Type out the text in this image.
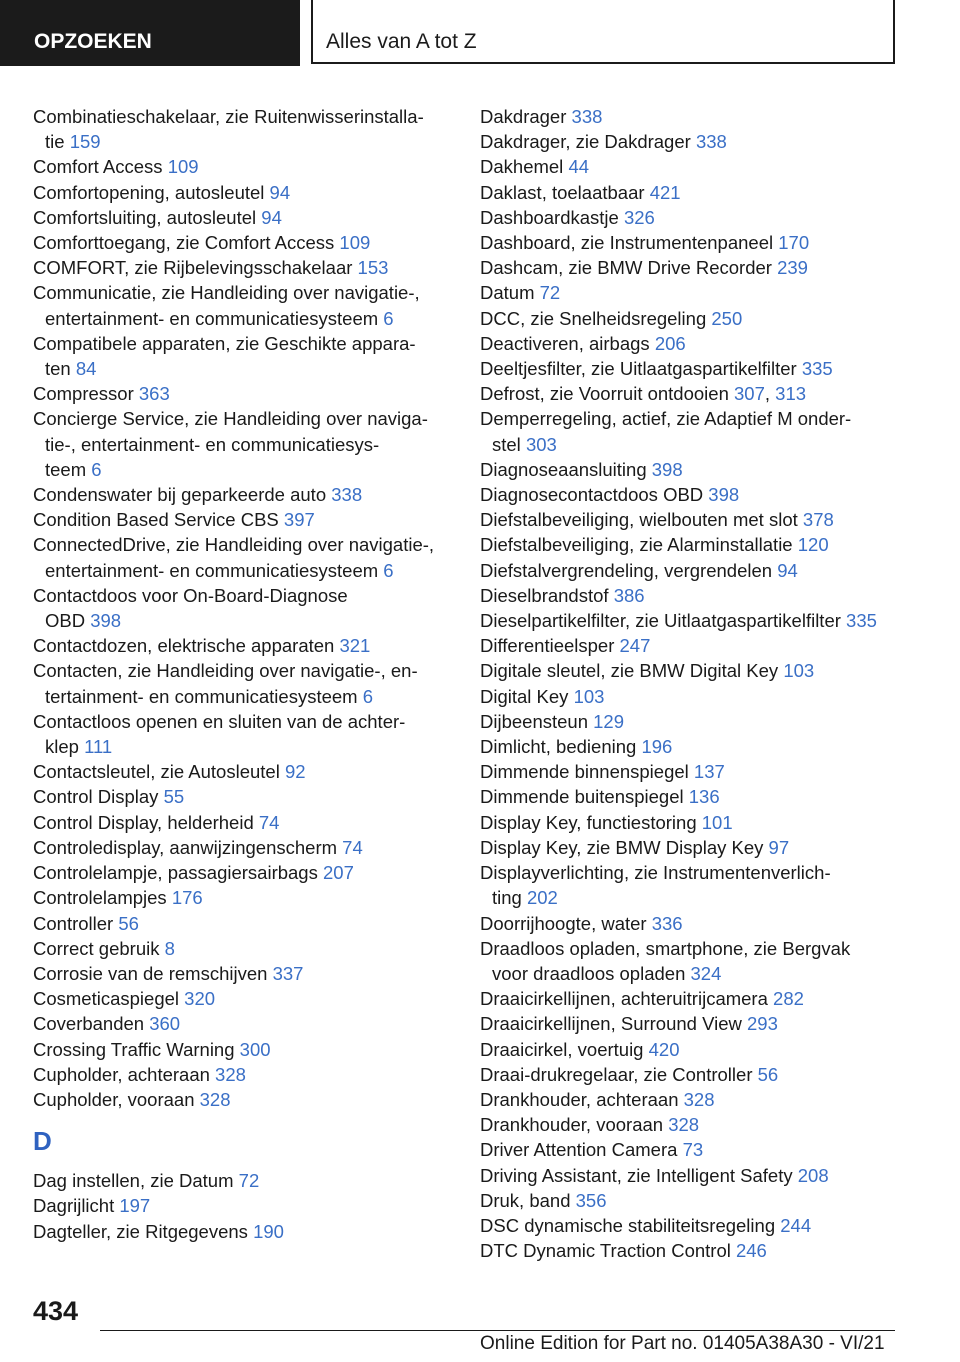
OPZOEKEN	Alles van A tot Z
Combinatieschakelaar, zie Ruitenwisserinstalla-
tie 159
Comfort Access 109
Comfortopening, autosleutel 94
Comfortsluiting, autosleutel 94
Comforttoegang, zie Comfort Access 109
COMFORT, zie Rijbelevingsschakelaar 153
Communicatie, zie Handleiding over navigatie-,
entertainment- en communicatiesysteem 6
Compatibele apparaten, zie Geschikte appara-
ten 84
Compressor 363
Concierge Service, zie Handleiding over naviga-
tie-, entertainment- en communicatiesys-
teem 6
Condenswater bij geparkeerde auto 338
Condition Based Service CBS 397
ConnectedDrive, zie Handleiding over navigatie-,
entertainment- en communicatiesysteem 6
Contactdoos voor On-Board-Diagnose
OBD 398
Contactdozen, elektrische apparaten 321
Contacten, zie Handleiding over navigatie-, en-
tertainment- en communicatiesysteem 6
Contactloos openen en sluiten van de achter-
klep 111
Contactsleutel, zie Autosleutel 92
Control Display 55
Control Display, helderheid 74
Controledisplay, aanwijzingenscherm 74
Controlelampje, passagiersairbags 207
Controlelampjes 176
Controller 56
Correct gebruik 8
Corrosie van de remschijven 337
Cosmeticaspiegel 320
Coverbanden 360
Crossing Traffic Warning 300
Cupholder, achteraan 328
Cupholder, vooraan 328
D
Dag instellen, zie Datum 72
Dagrijlicht 197
Dagteller, zie Ritgegevens 190
Dakdrager 338
Dakdrager, zie Dakdrager 338
Dakhemel 44
Daklast, toelaatbaar 421
Dashboardkastje 326
Dashboard, zie Instrumentenpaneel 170
Dashcam, zie BMW Drive Recorder 239
Datum 72
DCC, zie Snelheidsregeling 250
Deactiveren, airbags 206
Deeltjesfilter, zie Uitlaatgaspartikelfilter 335
Defrost, zie Voorruit ontdooien 307, 313
Demperregeling, actief, zie Adaptief M onder-
stel 303
Diagnoseaansluiting 398
Diagnosecontactdoos OBD 398
Diefstalbeveiliging, wielbouten met slot 378
Diefstalbeveiliging, zie Alarminstallatie 120
Diefstalvergrendeling, vergrendelen 94
Dieselbrandstof 386
Dieselpartikelfilter, zie Uitlaatgaspartikelfilter 335
Differentieelsper 247
Digitale sleutel, zie BMW Digital Key 103
Digital Key 103
Dijbeensteun 129
Dimlicht, bediening 196
Dimmende binnenspiegel 137
Dimmende buitenspiegel 136
Display Key, functiestoring 101
Display Key, zie BMW Display Key 97
Displayverlichting, zie Instrumentenverlich-
ting 202
Doorrijhoogte, water 336
Draadloos opladen, smartphone, zie Bergvak
voor draadloos opladen 324
Draaicirkellijnen, achteruitrijcamera 282
Draaicirkellijnen, Surround View 293
Draaicirkel, voertuig 420
Draai-drukregelaar, zie Controller 56
Drankhouder, achteraan 328
Drankhouder, vooraan 328
Driver Attention Camera 73
Driving Assistant, zie Intelligent Safety 208
Druk, band 356
DSC dynamische stabiliteitsregeling 244
DTC Dynamic Traction Control 246
434
Online Edition for Part no. 01405A38A30 - VI/21
